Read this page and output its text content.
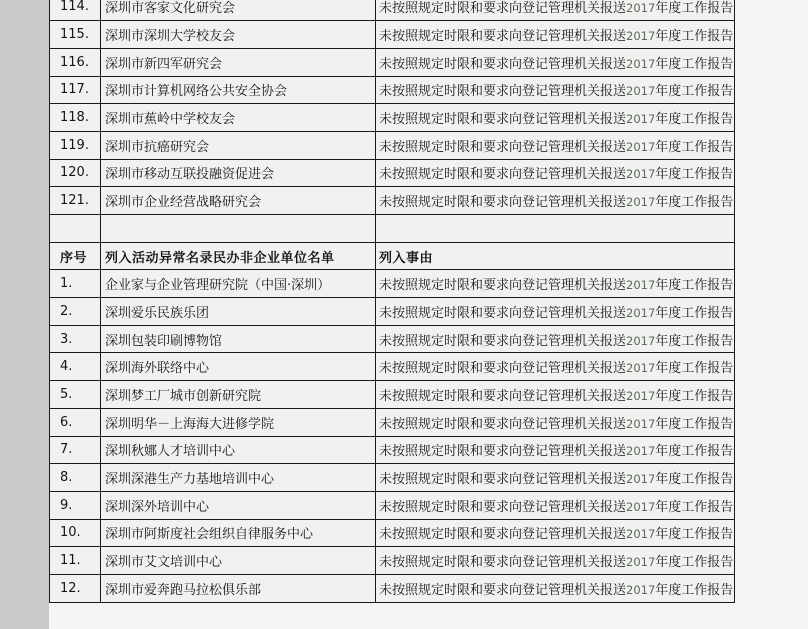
114.	深圳市客家文化研究会	未按照规定时限和要求向登记管理机关报送2017年度工作报告
115.	深圳市深圳大学校友会	未按照规定时限和要求向登记管理机关报送2017年度工作报告
116.	深圳市新四军研究会	未按照规定时限和要求向登记管理机关报送2017年度工作报告
117.	深圳市计算机网络公共安全协会	未按照规定时限和要求向登记管理机关报送2017年度工作报告
118.	深圳市蕉岭中学校友会	未按照规定时限和要求向登记管理机关报送2017年度工作报告
119.	深圳市抗癌研究会	未按照规定时限和要求向登记管理机关报送2017年度工作报告
120.	深圳市移动互联投融资促进会	未按照规定时限和要求向登记管理机关报送2017年度工作报告
121.	深圳市企业经营战略研究会	未按照规定时限和要求向登记管理机关报送2017年度工作报告

序号	列入活动异常名录民办非企业单位名单	列入事由
1.	企业家与企业管理研究院（中国·深圳）	未按照规定时限和要求向登记管理机关报送2017年度工作报告
2.	深圳爱乐民族乐团	未按照规定时限和要求向登记管理机关报送2017年度工作报告
3.	深圳包装印刷博物馆	未按照规定时限和要求向登记管理机关报送2017年度工作报告
4.	深圳海外联络中心	未按照规定时限和要求向登记管理机关报送2017年度工作报告
5.	深圳梦工厂城市创新研究院	未按照规定时限和要求向登记管理机关报送2017年度工作报告
6.	深圳明华－上海海大进修学院	未按照规定时限和要求向登记管理机关报送2017年度工作报告
7.	深圳秋娜人才培训中心	未按照规定时限和要求向登记管理机关报送2017年度工作报告
8.	深圳深港生产力基地培训中心	未按照规定时限和要求向登记管理机关报送2017年度工作报告
9.	深圳深外培训中心	未按照规定时限和要求向登记管理机关报送2017年度工作报告
10.	深圳市阿斯度社会组织自律服务中心	未按照规定时限和要求向登记管理机关报送2017年度工作报告
11.	深圳市艾文培训中心	未按照规定时限和要求向登记管理机关报送2017年度工作报告
12.	深圳市爱奔跑马拉松俱乐部	未按照规定时限和要求向登记管理机关报送2017年度工作报告
